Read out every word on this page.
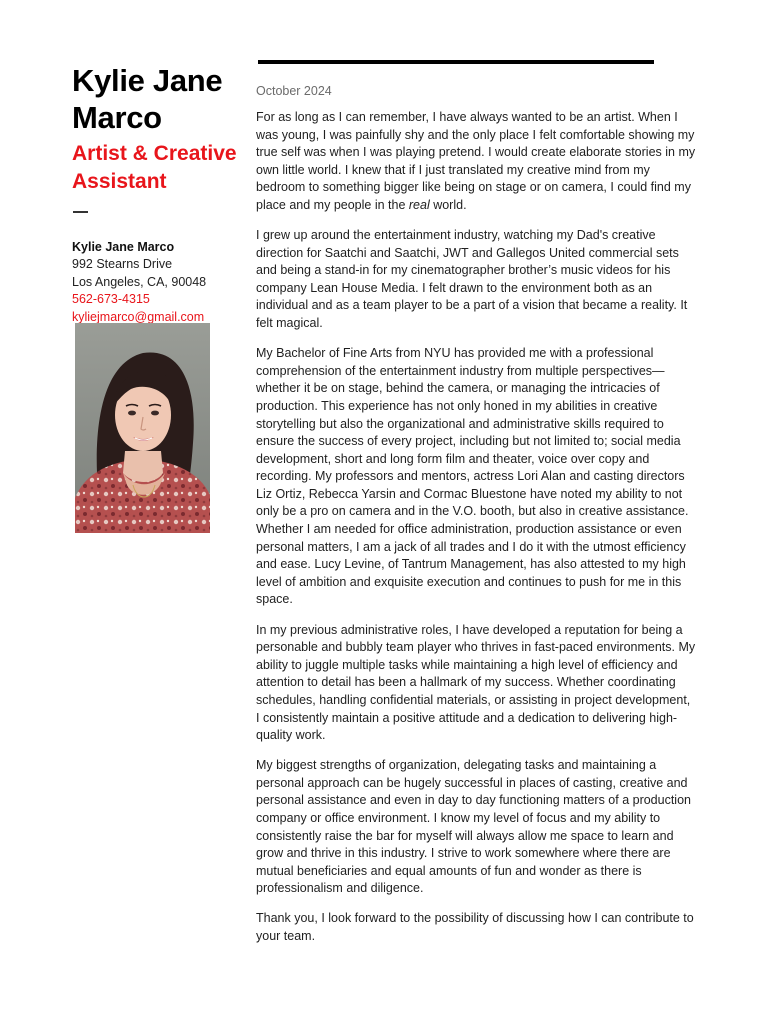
Kylie Jane
Marco
Artist & Creative
Assistant
Kylie Jane Marco
992 Stearns Drive
Los Angeles, CA, 90048
562-673-4315
kyliejmarco@gmail.com
October 2024

For as long as I can remember, I have always wanted to be an artist. When I was young, I was painfully shy and the only place I felt comfortable showing my true self was when I was playing pretend. I would create elaborate stories in my own little world. I knew that if I just translated my creative mind from my bedroom to something bigger like being on stage or on camera, I could find my place and my people in the real world.

I grew up around the entertainment industry, watching my Dad's creative direction for Saatchi and Saatchi, JWT and Gallegos United commercial sets and being a stand-in for my cinematographer brother’s music videos for his company Lean House Media. I felt drawn to the environment both as an individual and as a team player to be a part of a vision that became a reality. It felt magical.

My Bachelor of Fine Arts from NYU has provided me with a professional comprehension of the entertainment industry from multiple perspectives—whether it be on stage, behind the camera, or managing the intricacies of production. This experience has not only honed in my abilities in creative storytelling but also the organizational and administrative skills required to ensure the success of every project, including but not limited to; social media development, short and long form film and theater, voice over copy and recording. My professors and mentors, actress Lori Alan and casting directors Liz Ortiz, Rebecca Yarsin and Cormac Bluestone have noted my ability to not only be a pro on camera and in the V.O. booth, but also in creative assistance. Whether I am needed for office administration, production assistance or even personal matters, I am a jack of all trades and I do it with the utmost efficiency and ease. Lucy Levine, of Tantrum Management, has also attested to my high level of ambition and exquisite execution and continues to push for me in this space.

In my previous administrative roles, I have developed a reputation for being a personable and bubbly team player who thrives in fast-paced environments. My ability to juggle multiple tasks while maintaining a high level of efficiency and attention to detail has been a hallmark of my success. Whether coordinating schedules, handling confidential materials, or assisting in project development, I consistently maintain a positive attitude and a dedication to delivering high-quality work.

My biggest strengths of organization, delegating tasks and maintaining a personal approach can be hugely successful in places of casting, creative and personal assistance and even in day to day functioning matters of a production company or office environment. I know my level of focus and my ability to consistently raise the bar for myself will always allow me space to learn and grow and thrive in this industry. I strive to work somewhere where there are mutual beneficiaries and equal amounts of fun and wonder as there is professionalism and diligence.

Thank you, I look forward to the possibility of discussing how I can contribute to your team.
